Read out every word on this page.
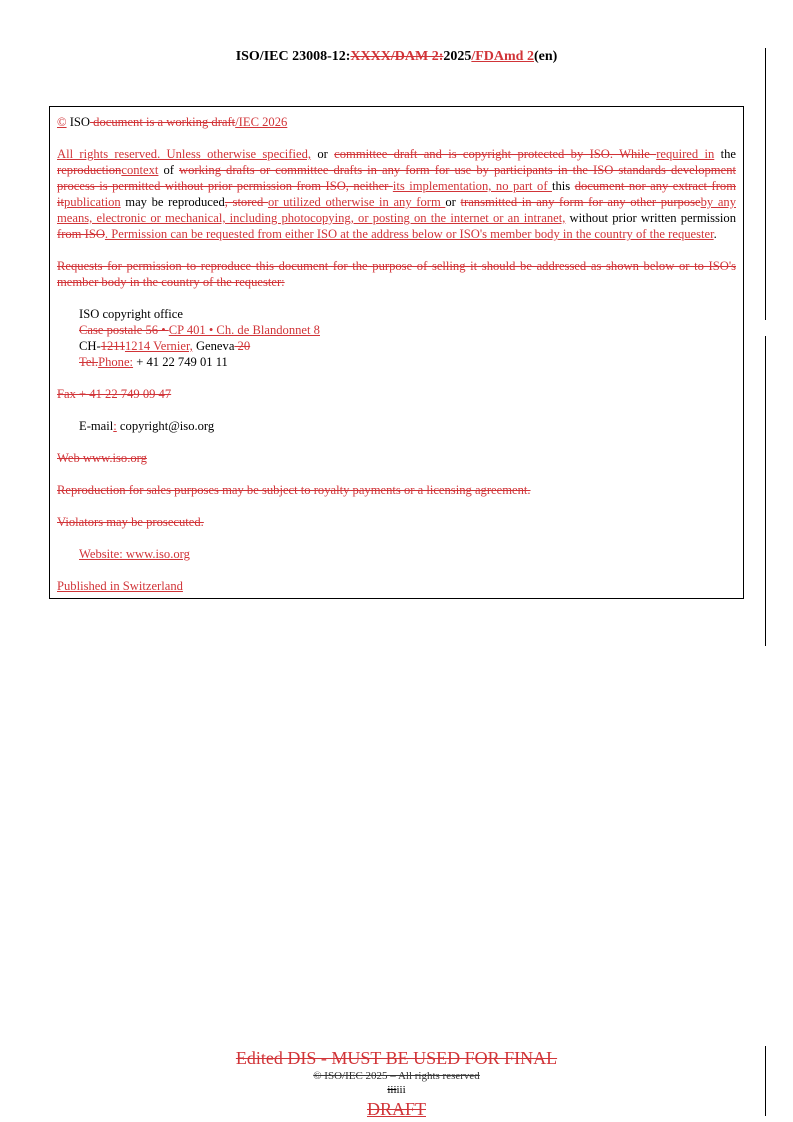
ISO/IEC 23008-12:XXXX/DAM 2:2025/FDAmd 2(en)

© ISO document is a working draft/IEC 2026

All rights reserved. Unless otherwise specified, or committee draft and is copyright protected by ISO. While required in the reproductioncontext of working drafts or committee drafts in any form for use by participants in the ISO standards development process is permitted without prior permission from ISO, neither its implementation, no part of this document nor any extract from itpublication may be reproduced, stored or utilized otherwise in any form or transmitted in any form for any other purposeby any means, electronic or mechanical, including photocopying, or posting on the internet or an intranet, without prior written permission from ISO. Permission can be requested from either ISO at the address below or ISO's member body in the country of the requester.

Requests for permission to reproduce this document for the purpose of selling it should be addressed as shown below or to ISO's member body in the country of the requester:

ISO copyright office

Case postale 56 • CP 401 • Ch. de Blandonnet 8

CH-12111214 Vernier, Geneva 20

Tel.Phone: + 41 22 749 01 11

Fax + 41 22 749 09 47

E-mail: copyright@iso.org

Web www.iso.org

Reproduction for sales purposes may be subject to royalty payments or a licensing agreement.

Violators may be prosecuted.

Website: www.iso.org

Published in Switzerland

Edited DIS - MUST BE USED FOR FINAL
© ISO/IEC 2025 – All rights reserved
iiiiii
DRAFT
